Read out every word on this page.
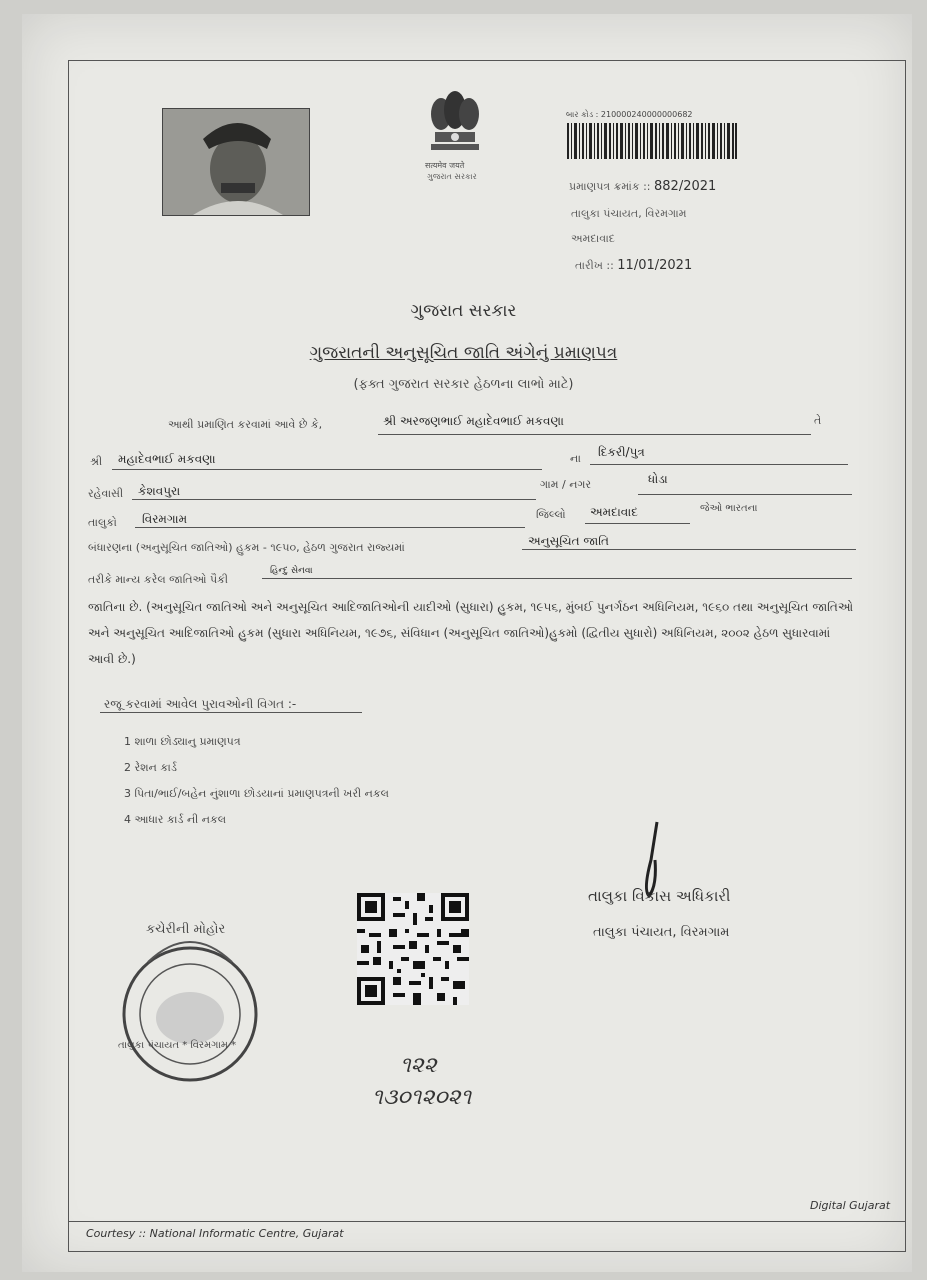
सत्यमेव जयते
ગુજરાત સરકાર
બાર કોડ : 210000240000000682
પ્રમાણપત્ર ક્રમાંક :: 882/2021
તાલુકા પંચાયત, વિરમગામ
અમદાવાદ
તારીખ :: 11/01/2021
ગુજરાત સરકાર
ગુજરાતની અનુસૂચિત જાતિ અંગેનું પ્રમાણપત્ર
(ફક્ત ગુજરાત સરકાર હેઠળના લાભો માટે)
આથી પ્રમાણિત કરવામાં આવે છે કે,	શ્રી અરજણભાઈ મહાદેવભાઈ મકવણા	તે
શ્રી મહાદેવભાઈ મકવણા	ના દિકરી/પુત્ર
રહેવાસી કેશવપુરા	ગામ / નગર	ધોડા
તાલુકો વિરમગામ	જિલ્લો અમદાવાદ	જેઓ ભારતના
બંધારણના (અનુસૂચિત જાતિઓ) હુકમ - ૧૯૫૦, હેઠળ ગુજરાત રાજ્યમાં	અનુસૂચિત જાતિ
તરીકે માન્ય કરેલ જાતિઓ પૈકી
હિન્દુ સેનવા
જાતિના છે. (અનુસૂચિત જાતિઓ અને અનુસૂચિત આદિજાતિઓની યાદીઓ (સુધારા) હુકમ, ૧૯૫૬, મુંબઈ પુનર્ગઠન અધિનિયમ, ૧૯૬૦ તથા અનુસૂચિત જાતિઓ અને અનુસૂચિત આદિજાતિઓ હુકમ (સુધારા અધિનિયમ, ૧૯૭૬, સંવિધાન (અનુસૂચિત જાતિઓ)હુકમો (દ્વિતીય સુધારો) અધિનિયમ, ૨૦૦૨ હેઠળ સુધારવામાં આવી છે.)
રજૂ કરવામાં આવેલ પુરાવઓની વિગત :-
1 શાળા છોડ્યાનુ પ્રમાણપત્ર
2 રેશન કાર્ડ
3 પિતા/ભાઈ/બહેન નુંશાળા છોડયાનાં પ્રમાણપત્રની ખરી નકલ
4 આધાર કાર્ડ ની નકલ
તાલુકા વિકાસ અધિકારી
તાલુકા પંચાયત, વિરમગામ
કચેરીની મોહોર
તાલુકા પંચાયત * વિરમગામ *
૧૨૨
૧૩૦૧૨૦૨૧
Courtesy :: National Informatic Centre, Gujarat
Digital Gujarat
